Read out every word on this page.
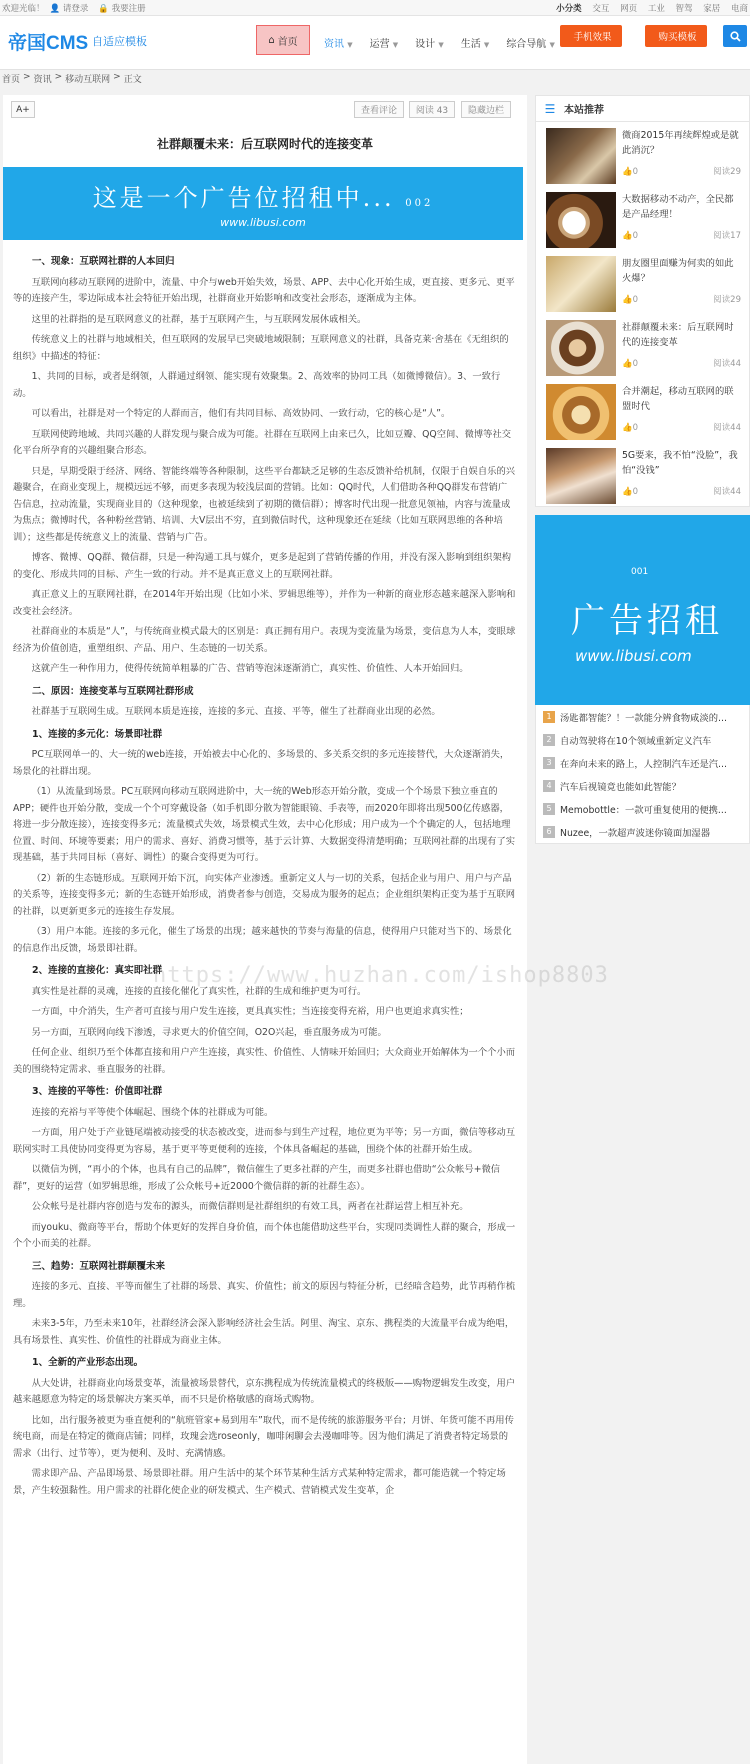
欢迎光临！ 👤 请登录 🔒 我要注册	小分类 交互 网页 工业 智驾 家居 电商
帝国CMS 自适应模板	⌂ 首页	资讯 ▼ 运营 ▼ 设计 ▼ 生活 ▼ 综合导航 ▼
手机效果	购买模板
首页 > 资讯 > 移动互联网 > 正文
A+	查看评论	阅读 43	隐藏边栏
社群颠覆未来：后互联网时代的连接变革
这是一个广告位招租中... 002
www.libusi.com
一、现象：互联网社群的人本回归

互联网向移动互联网的进阶中，流量、中介与web开始失效，场景、APP、去中心化开始生成，更直接、更多元、更平等的连接产生，零边际成本社会特征开始出现，社群商业开始影响和改变社会形态，逐渐成为主体。

这里的社群指的是互联网意义的社群，基于互联网产生，与互联网发展休戚相关。

传统意义上的社群与地域相关，但互联网的发展早已突破地域限制；互联网意义的社群，具备克莱·舍基在《无组织的组织》中描述的特征：

1、共同的目标，或者是纲领，人群通过纲领、能实现有效聚集。2、高效率的协同工具（如微博微信）。3、一致行动。

可以看出，社群是对一个特定的人群而言，他们有共同目标、高效协同、一致行动，它的核心是“人”。

互联网使跨地域、共同兴趣的人群发现与聚合成为可能。社群在互联网上由来已久，比如豆瓣、QQ空间、微博等社交化平台所孕育的兴趣组聚合形态。

只是，早期受限于经济、网络、智能终端等各种限制，这些平台都缺乏足够的生态反馈补给机制，仅限于自娱自乐的兴趣聚合，在商业变现上，规模远远不够，而更多表现为较浅层面的营销。比如：QQ时代，人们借助各种QQ群发布营销广告信息，拉动流量，实现商业目的（这种现象，也被延续到了初期的微信群）；博客时代出现一批意见领袖，内容与流量成为焦点；微博时代，各种粉丝营销、培训、大V层出不穷，直到微信时代，这种现象还在延续（比如互联网思维的各种培训）；这些都是传统意义上的流量、营销与广告。

博客、微博、QQ群、微信群，只是一种沟通工具与媒介，更多是起到了营销传播的作用，并没有深入影响到组织架构的变化、形成共同的目标、产生一致的行动。并不是真正意义上的互联网社群。

真正意义上的互联网社群，在2014年开始出现（比如小米、罗辑思维等），并作为一种新的商业形态越来越深入影响和改变社会经济。

社群商业的本质是“人”，与传统商业模式最大的区别是：真正拥有用户。表现为变流量为场景，变信息为人本，变眼球经济为价值创造，重塑组织、产品、用户、生态链的一切关系。

这就产生一种作用力，使得传统简单粗暴的广告、营销等泡沫逐渐消亡，真实性、价值性、人本开始回归。

二、原因：连接变革与互联网社群形成

社群基于互联网生成。互联网本质是连接，连接的多元、直接、平等，催生了社群商业出现的必然。

1、连接的多元化：场景即社群

PC互联网单一的、大一统的web连接，开始被去中心化的、多场景的、多关系交织的多元连接替代，大众逐渐消失，场景化的社群出现。

（1）从流量到场景。PC互联网向移动互联网进阶中，大一统的Web形态开始分散，变成一个个场景下独立垂直的APP；硬件也开始分散，变成一个个可穿戴设备（如手机即分散为智能眼镜、手表等，而2020年即将出现500亿传感器，将进一步分散连接），连接变得多元；流量模式失效，场景模式生效，去中心化形成；用户成为一个个确定的人，包括地理位置、时间、环境等要素；用户的需求、喜好、消费习惯等，基于云计算、大数据变得清楚明确；互联网社群的出现有了实现基础，基于共同目标（喜好、调性）的聚合变得更为可行。

（2）新的生态链形成。互联网开始下沉，向实体产业渗透。重新定义人与一切的关系，包括企业与用户、用户与产品的关系等，连接变得多元；新的生态链开始形成，消费者参与创造，交易成为服务的起点；企业组织架构正变为基于互联网的社群，以更新更多元的连接生存发展。

（3）用户本能。连接的多元化，催生了场景的出现；越来越快的节奏与海量的信息，使得用户只能对当下的、场景化的信息作出反馈，场景即社群。

2、连接的直接化：真实即社群

真实性是社群的灵魂，连接的直接化催化了真实性，社群的生成和维护更为可行。

一方面，中介消失，生产者可直接与用户发生连接，更具真实性；当连接变得充裕，用户也更追求真实性；

另一方面，互联网向线下渗透，寻求更大的价值空间，O2O兴起，垂直服务成为可能。

任何企业、组织乃至个体都直接和用户产生连接，真实性、价值性、人情味开始回归；大众商业开始解体为一个个小而美的围绕特定需求、垂直服务的社群。

3、连接的平等性：价值即社群

连接的充裕与平等使个体崛起、围绕个体的社群成为可能。

一方面，用户处于产业链尾端被动接受的状态被改变，进而参与到生产过程，地位更为平等；另一方面，微信等移动互联网实时工具使协同变得更为容易，基于更平等更便利的连接，个体具备崛起的基础，围绕个体的社群开始生成。

以微信为例，“再小的个体，也具有自己的品牌”，微信催生了更多社群的产生，而更多社群也借助“公众帐号+微信群”，更好的运营（如罗辑思维，形成了公众帐号+近2000个微信群的新的社群生态）。

公众帐号是社群内容创造与发布的源头，而微信群则是社群组织的有效工具，两者在社群运营上相互补充。

而youku、微商等平台，帮助个体更好的发挥自身价值，而个体也能借助这些平台，实现同类调性人群的聚合，形成一个个小而美的社群。

三、趋势：互联网社群颠覆未来

连接的多元、直接、平等而催生了社群的场景、真实、价值性；前文的原因与特征分析，已经暗含趋势，此节再稍作梳理。

未来3-5年，乃至未来10年，社群经济会深入影响经济社会生活。阿里、淘宝、京东、携程类的大流量平台成为绝唱，具有场景性、真实性、价值性的社群成为商业主体。

1、全新的产业形态出现。

从大处讲，社群商业向场景变革，流量被场景替代，京东携程成为传统流量模式的终极版——购物逻辑发生改变，用户越来越愿意为特定的场景解决方案买单，而不只是价格敏感的商场式购物。

比如，出行服务被更为垂直便利的“航班管家+易到用车”取代，而不是传统的旅游服务平台；月饼、年货可能不再用传统电商，而是在特定的微商店铺；同样，玫瑰会选roseonly，咖啡闲聊会去漫咖啡等。因为他们满足了消费者特定场景的需求（出行、过节等），更为便利、及时、充满情感。

需求即产品、产品即场景、场景即社群。用户生活中的某个环节某种生活方式某种特定需求，都可能造就一个特定场景，产生较强黏性。用户需求的社群化使企业的研发模式、生产模式、营销模式发生变革，企

https://www.huzhan.com/ishop8803
☰ 本站推荐
微商2015年再续辉煌或是就此消沉？
👍0	阅读29
大数据移动不动产，全民都是产品经理！
👍0	阅读17
朋友圈里面赚为何卖的如此火爆？
👍0	阅读29
社群颠覆未来：后互联网时代的连接变革
👍0	阅读44
合并潮起，移动互联网的联盟时代
👍0	阅读44
5G要来，我不怕“没脸”，我怕“没钱”
👍0	阅读44
001
广告招租
www.libusi.com
1 汤匙都智能？！一款能分辨食物咸淡的...
2 自动驾驶将在10个领域重新定义汽车
3 在奔向未来的路上，人控制汽车还是汽...
4 汽车后视镜竟也能如此智能？
5 Memobottle：一款可重复使用的便携...
6 Nuzee，一款超声波迷你镜面加湿器
